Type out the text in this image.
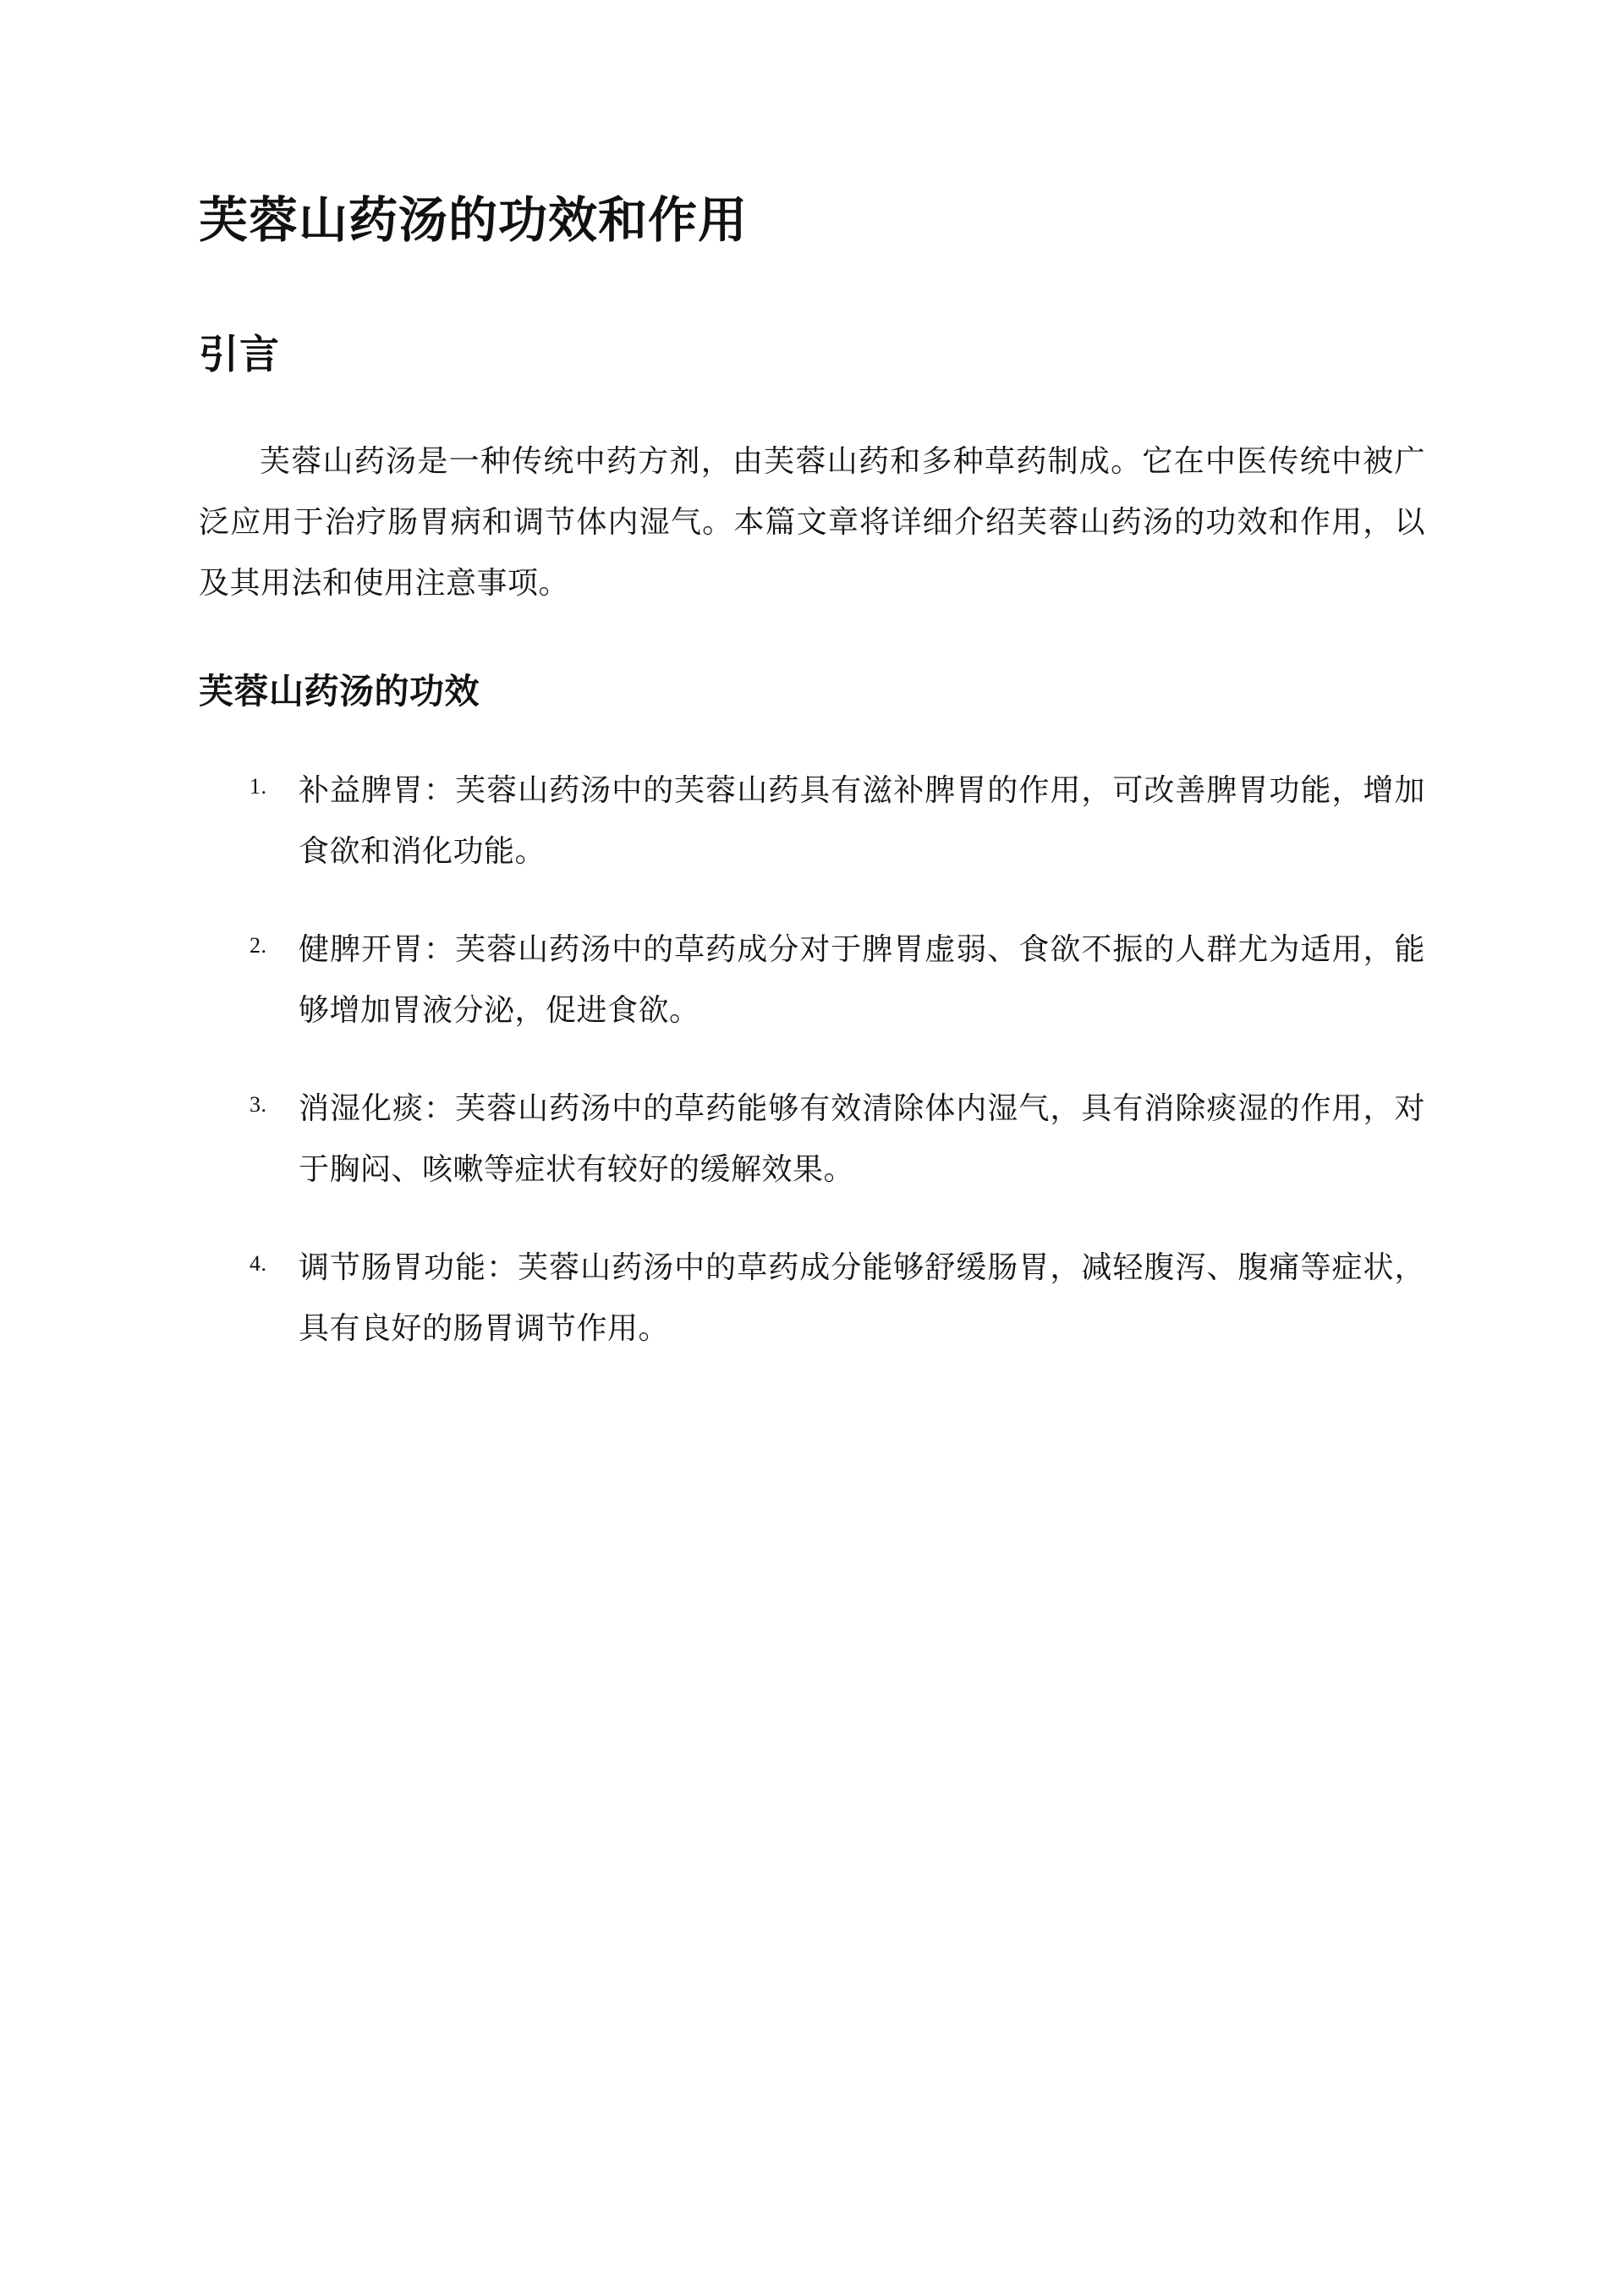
芙蓉山药汤的功效和作用
引言

芙蓉山药汤是一种传统中药方剂，由芙蓉山药和多种草药制成。它在中医传统中被广泛应用于治疗肠胃病和调节体内湿气。本篇文章将详细介绍芙蓉山药汤的功效和作用，以及其用法和使用注意事项。

芙蓉山药汤的功效
补益脾胃：芙蓉山药汤中的芙蓉山药具有滋补脾胃的作用，可改善脾胃功能，增加食欲和消化功能。
健脾开胃：芙蓉山药汤中的草药成分对于脾胃虚弱、食欲不振的人群尤为适用，能够增加胃液分泌，促进食欲。
消湿化痰：芙蓉山药汤中的草药能够有效清除体内湿气，具有消除痰湿的作用，对于胸闷、咳嗽等症状有较好的缓解效果。
调节肠胃功能：芙蓉山药汤中的草药成分能够舒缓肠胃，减轻腹泻、腹痛等症状，具有良好的肠胃调节作用。
